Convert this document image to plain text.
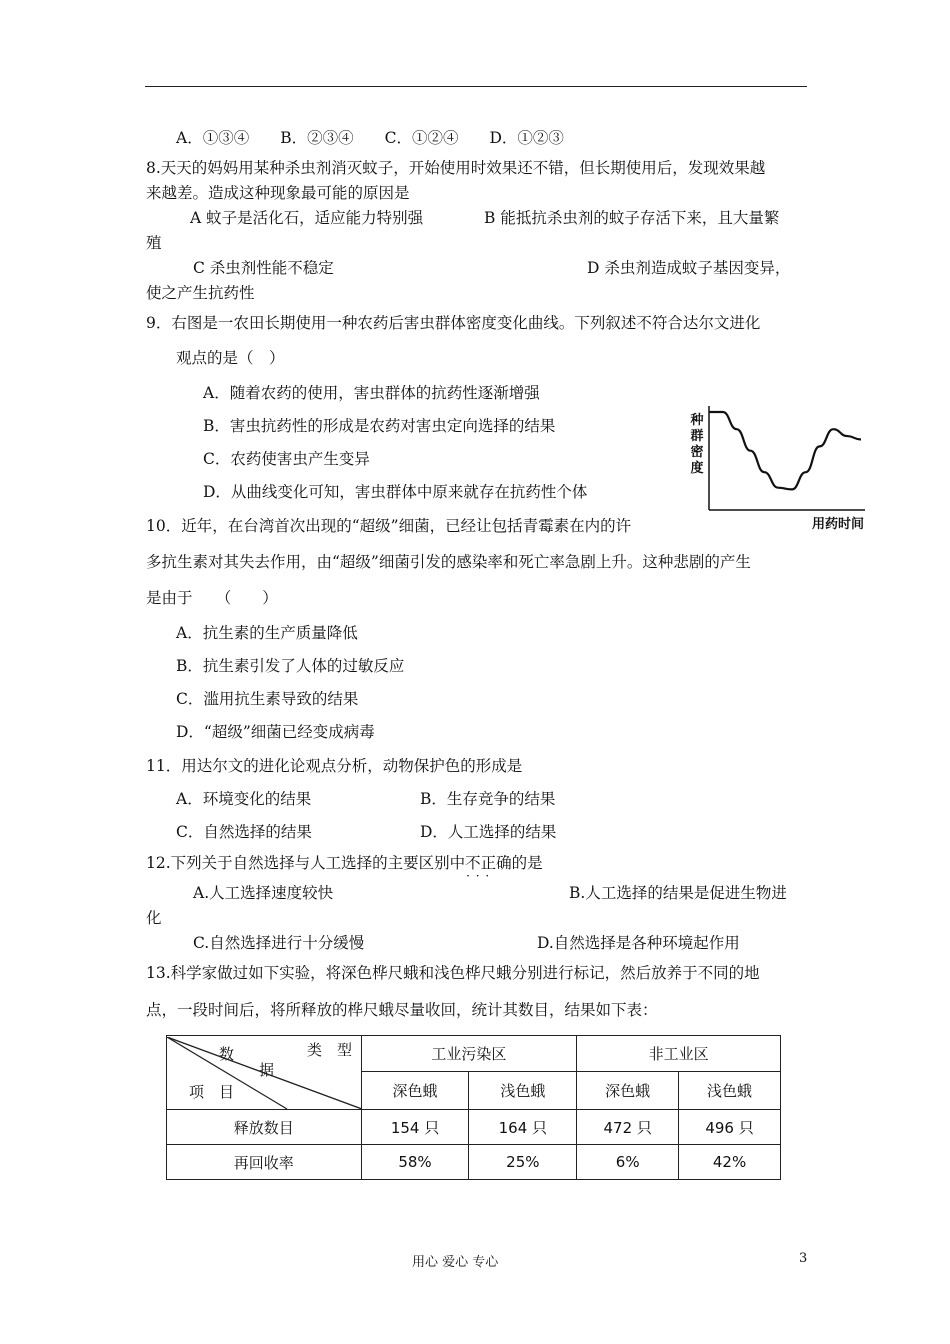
A．①③④　　B．②③④　　C．①②④　　D．①②③
8.天天的妈妈用某种杀虫剂消灭蚊子，开始使用时效果还不错，但长期使用后，发现效果越
来越差。造成这种现象最可能的原因是
A 蚊子是活化石，适应能力特别强	B 能抵抗杀虫剂的蚊子存活下来，且大量繁
殖
C 杀虫剂性能不稳定	D 杀虫剂造成蚊子基因变异，
使之产生抗药性
9．右图是一农田长期使用一种农药后害虫群体密度变化曲线。下列叙述不符合达尔文进化
观点的是（　）
A．随着农药的使用，害虫群体的抗药性逐渐增强
B．害虫抗药性的形成是农药对害虫定向选择的结果
C．农药使害虫产生变异
D．从曲线变化可知，害虫群体中原来就存在抗药性个体
种
群
密
度
用药时间
10．近年，在台湾首次出现的“超级”细菌，已经让包括青霉素在内的许
多抗生素对其失去作用，由“超级”细菌引发的感染率和死亡率急剧上升。这种悲剧的产生
是由于　　（　　）
A．抗生素的生产质量降低
B．抗生素引发了人体的过敏反应
C．滥用抗生素导致的结果
D．“超级”细菌已经变成病毒
11．用达尔文的进化论观点分析，动物保护色的形成是
A．环境变化的结果	B．生存竞争的结果
C．自然选择的结果	D．人工选择的结果
12.下列关于自然选择与人工选择的主要区别中不正确 · · ·的是
A.人工选择速度较快	B.人工选择的结果是促进生物进
化
C.自然选择进行十分缓慢	D.自然选择是各种环境起作用
13.科学家做过如下实验，将深色桦尺蛾和浅色桦尺蛾分别进行标记，然后放养于不同的地
点，一段时间后，将所释放的桦尺蛾尽量收回，统计其数目，结果如下表：
类　型
数
据
项　目	工业污染区		非工业区	
	深色蛾	浅色蛾	深色蛾	浅色蛾
释放数目	154 只	164 只	472 只	496 只
再回收率	58%	25%	6%	42%
用心 爱心 专心	3
